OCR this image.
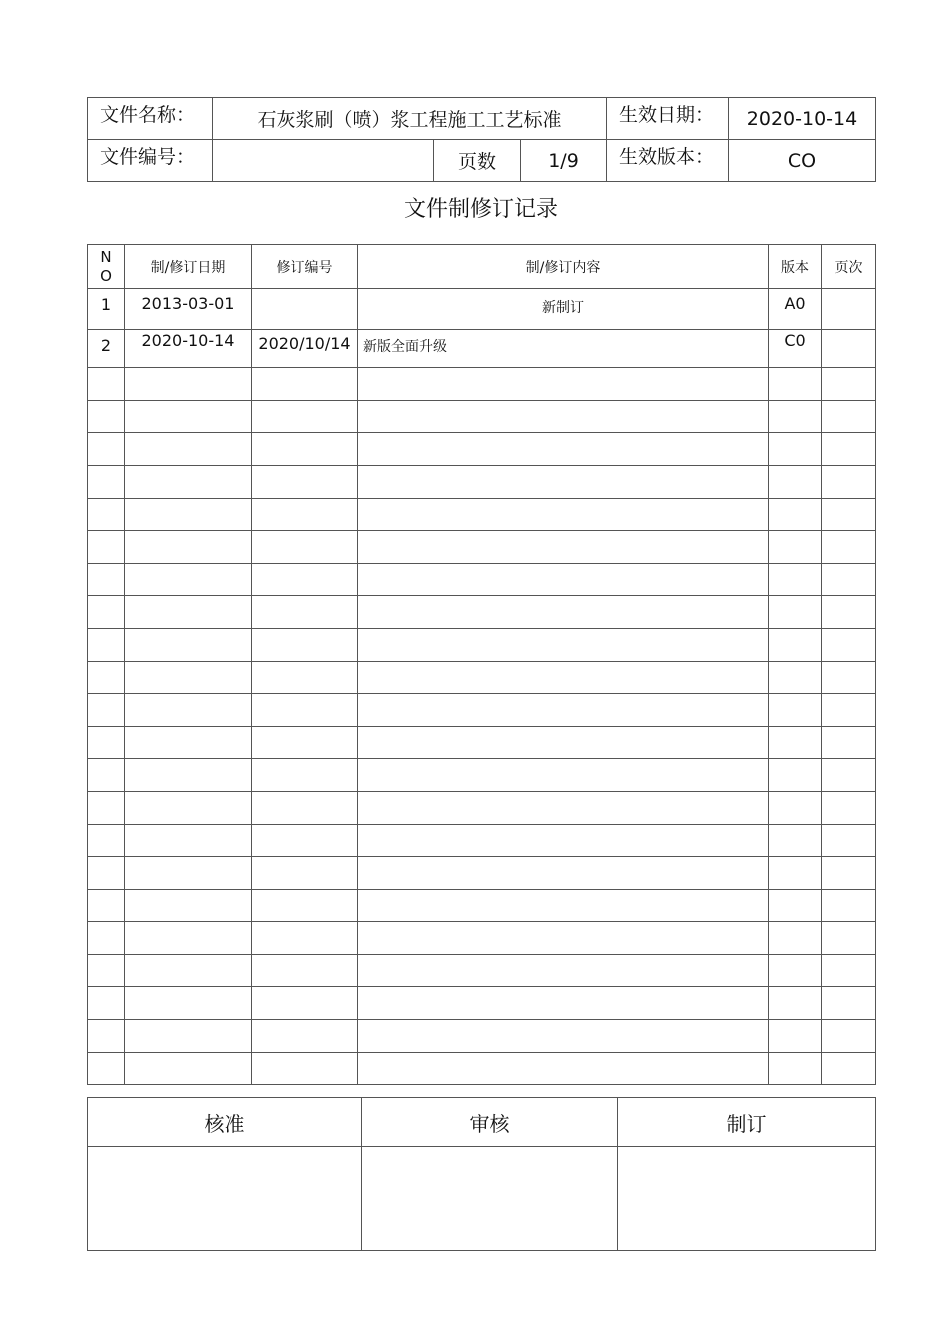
文件名称：	石灰浆刷（喷）浆工程施工工艺标准			生效日期：	2020-10-14
文件编号：		页数	1/9	生效版本：	CO
文件制修订记录
N
O	制/修订日期	修订编号	制/修订内容	版本	页次
1	2013-03-01		新制订	A0	
2	2020-10-14	2020/10/14	新版全面升级	C0	

核准	审核	制订
